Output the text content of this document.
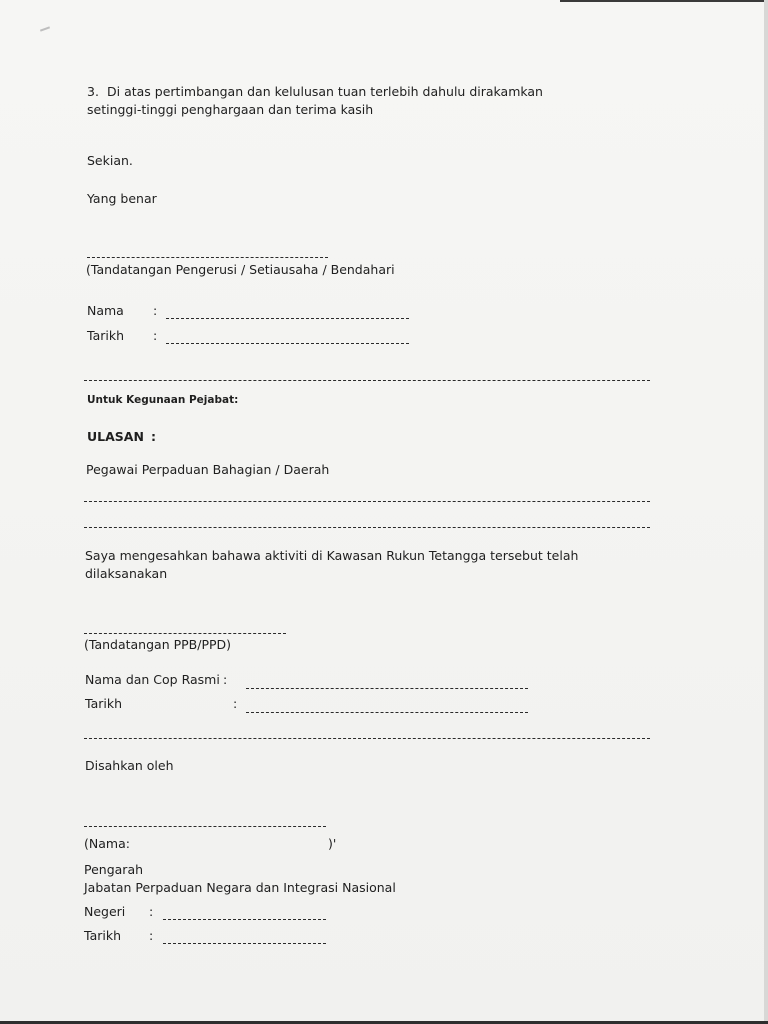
3. Di atas pertimbangan dan kelulusan tuan terlebih dahulu dirakamkan
setinggi-tinggi penghargaan dan terima kasih
Sekian.
Yang benar
(Tandatangan Pengerusi / Setiausaha / Bendahari
Nama :
Tarikh :
Untuk Kegunaan Pejabat:
ULASAN :
Pegawai Perpaduan Bahagian / Daerah
Saya mengesahkan bahawa aktiviti di Kawasan Rukun Tetangga tersebut telah
dilaksanakan
(Tandatangan PPB/PPD)
Nama dan Cop Rasmi :
Tarikh	:
Disahkan oleh
(Nama:	)'
Pengarah
Jabatan Perpaduan Negara dan Integrasi Nasional
Negeri :
Tarikh :
